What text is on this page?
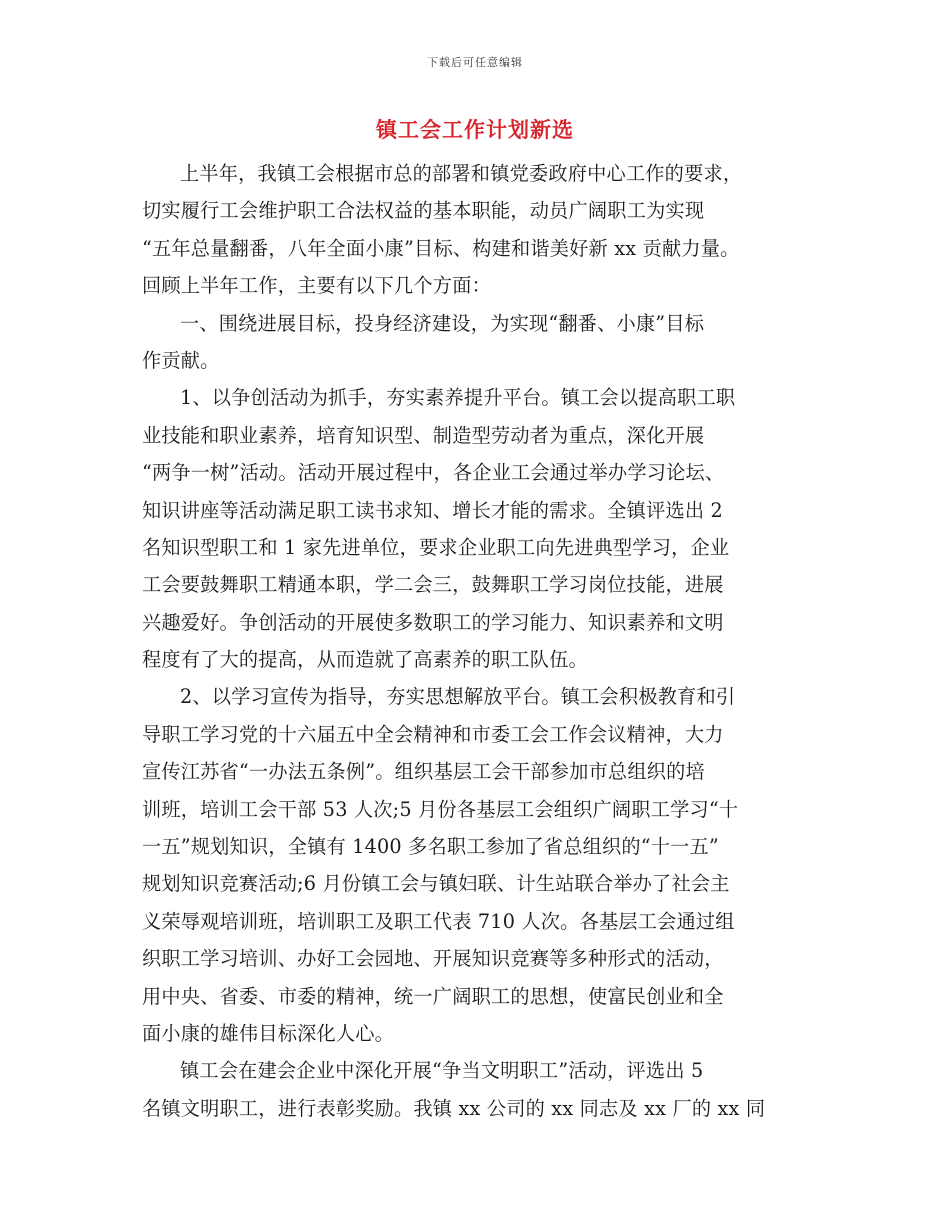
下载后可任意编辑
镇工会工作计划新选
上半年，我镇工会根据市总的部署和镇党委政府中心工作的要求，
切实履行工会维护职工合法权益的基本职能，动员广阔职工为实现
“五年总量翻番，八年全面小康”目标、构建和谐美好新 xx 贡献力量。
回顾上半年工作，主要有以下几个方面：
一、围绕进展目标，投身经济建设，为实现“翻番、小康”目标
作贡献。
1、以争创活动为抓手，夯实素养提升平台。镇工会以提高职工职
业技能和职业素养，培育知识型、制造型劳动者为重点，深化开展
“两争一树”活动。活动开展过程中，各企业工会通过举办学习论坛、
知识讲座等活动满足职工读书求知、增长才能的需求。全镇评选出 2
名知识型职工和 1 家先进单位，要求企业职工向先进典型学习，企业
工会要鼓舞职工精通本职，学二会三，鼓舞职工学习岗位技能，进展
兴趣爱好。争创活动的开展使多数职工的学习能力、知识素养和文明
程度有了大的提高，从而造就了高素养的职工队伍。
2、以学习宣传为指导，夯实思想解放平台。镇工会积极教育和引
导职工学习党的十六届五中全会精神和市委工会工作会议精神，大力
宣传江苏省“一办法五条例”。组织基层工会干部参加市总组织的培
训班，培训工会干部 53 人次;5 月份各基层工会组织广阔职工学习“十
一五”规划知识，全镇有 1400 多名职工参加了省总组织的“十一五”
规划知识竞赛活动;6 月份镇工会与镇妇联、计生站联合举办了社会主
义荣辱观培训班，培训职工及职工代表 710 人次。各基层工会通过组
织职工学习培训、办好工会园地、开展知识竞赛等多种形式的活动，
用中央、省委、市委的精神，统一广阔职工的思想，使富民创业和全
面小康的雄伟目标深化人心。
镇工会在建会企业中深化开展“争当文明职工”活动，评选出 5
名镇文明职工，进行表彰奖励。我镇 xx 公司的 xx 同志及 xx 厂的 xx 同
